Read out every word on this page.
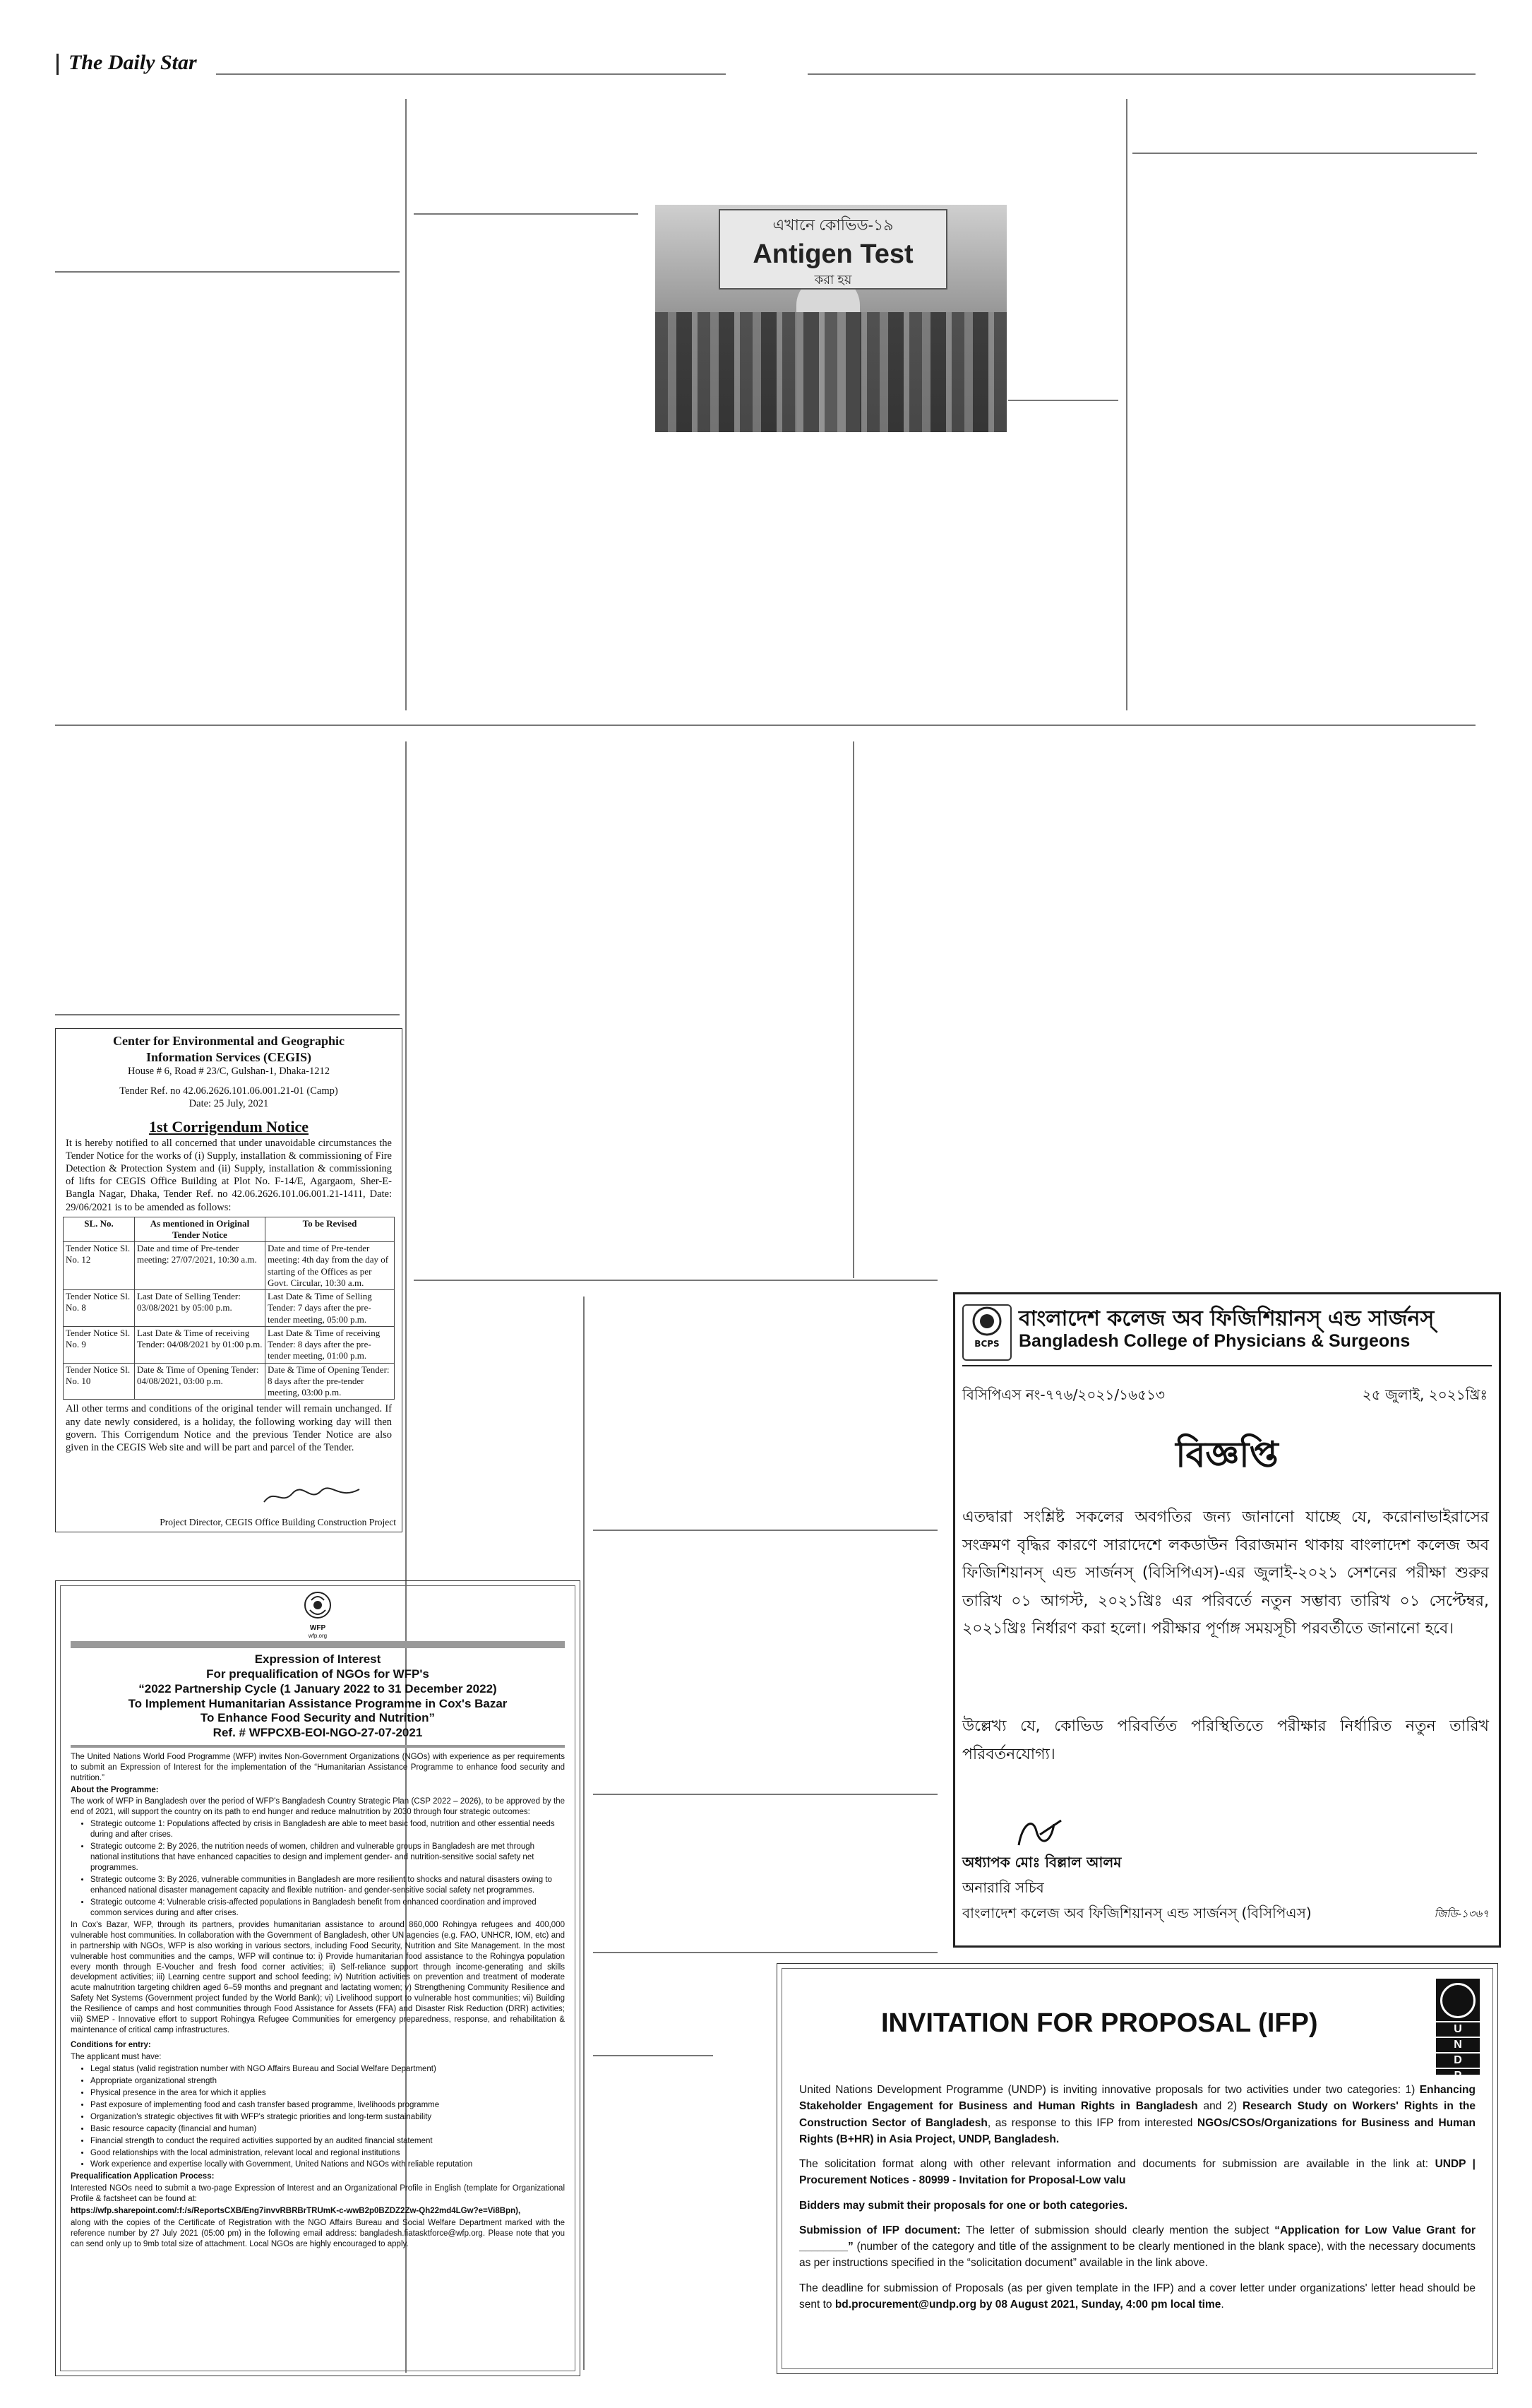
The Daily Star
এখানে কোভিড-১৯
Antigen Test
করা হয়
Center for Environmental and Geographic
Information Services (CEGIS)
House # 6, Road # 23/C, Gulshan-1, Dhaka-1212
Tender Ref. no 42.06.2626.101.06.001.21-01 (Camp)
Date: 25 July, 2021
1st Corrigendum Notice
It is hereby notified to all concerned that under unavoidable circumstances the Tender Notice for the works of (i) Supply, installation & commissioning of Fire Detection & Protection System and (ii) Supply, installation & commissioning of lifts for CEGIS Office Building at Plot No. F-14/E, Agargaom, Sher-E-Bangla Nagar, Dhaka, Tender Ref. no 42.06.2626.101.06.001.21-1411, Date: 29/06/2021 is to be amended as follows:
SL. No.	As mentioned in Original Tender Notice	To be Revised
Tender Notice Sl. No. 12	Date and time of Pre-tender meeting: 27/07/2021, 10:30 a.m.	Date and time of Pre-tender meeting: 4th day from the day of starting of the Offices as per Govt. Circular, 10:30 a.m.
Tender Notice Sl. No. 8	Last Date of Selling Tender: 03/08/2021 by 05:00 p.m.	Last Date & Time of Selling Tender: 7 days after the pre-tender meeting, 05:00 p.m.
Tender Notice Sl. No. 9	Last Date & Time of receiving Tender: 04/08/2021 by 01:00 p.m.	Last Date & Time of receiving Tender: 8 days after the pre-tender meeting, 01:00 p.m.
Tender Notice Sl. No. 10	Date & Time of Opening Tender: 04/08/2021, 03:00 p.m.	Date & Time of Opening Tender: 8 days after the pre-tender meeting, 03:00 p.m.
All other terms and conditions of the original tender will remain unchanged. If any date newly considered, is a holiday, the following working day will then govern. This Corrigendum Notice and the previous Tender Notice are also given in the CEGIS Web site and will be part and parcel of the Tender.
Project Director, CEGIS Office Building Construction Project
WFP
wfp.org
Expression of Interest
For prequalification of NGOs for WFP's
“2022 Partnership Cycle (1 January 2022 to 31 December 2022)
To Implement Humanitarian Assistance Programme in Cox's Bazar
To Enhance Food Security and Nutrition”
Ref. # WFPCXB-EOI-NGO-27-07-2021

The United Nations World Food Programme (WFP) invites Non-Government Organizations (NGOs) with experience as per requirements to submit an Expression of Interest for the implementation of the “Humanitarian Assistance Programme to enhance food security and nutrition.”

About the Programme:

The work of WFP in Bangladesh over the period of WFP's Bangladesh Country Strategic Plan (CSP 2022 – 2026), to be approved by the end of 2021, will support the country on its path to end hunger and reduce malnutrition by 2030 through four strategic outcomes:

• Strategic outcome 1: Populations affected by crisis in Bangladesh are able to meet basic food, nutrition and other essential needs during and after crises.
• Strategic outcome 2: By 2026, the nutrition needs of women, children and vulnerable groups in Bangladesh are met through national institutions that have enhanced capacities to design and implement gender- and nutrition-sensitive social safety net programmes.
• Strategic outcome 3: By 2026, vulnerable communities in Bangladesh are more resilient to shocks and natural disasters owing to enhanced national disaster management capacity and flexible nutrition- and gender-sensitive social safety net programmes.
• Strategic outcome 4: Vulnerable crisis-affected populations in Bangladesh benefit from enhanced coordination and improved common services during and after crises.

In Cox's Bazar, WFP, through its partners, provides humanitarian assistance to around 860,000 Rohingya refugees and 400,000 vulnerable host communities. In collaboration with the Government of Bangladesh, other UN agencies (e.g. FAO, UNHCR, IOM, etc) and in partnership with NGOs, WFP is also working in various sectors, including Food Security, Nutrition and Site Management. In the most vulnerable host communities and the camps, WFP will continue to: i) Provide humanitarian food assistance to the Rohingya population every month through E-Voucher and fresh food corner activities; ii) Self-reliance support through income-generating and skills development activities; iii) Learning centre support and school feeding; iv) Nutrition activities on prevention and treatment of moderate acute malnutrition targeting children aged 6–59 months and pregnant and lactating women; v) Strengthening Community Resilience and Safety Net Systems (Government project funded by the World Bank); vi) Livelihood support to vulnerable host communities; vii) Building the Resilience of camps and host communities through Food Assistance for Assets (FFA) and Disaster Risk Reduction (DRR) activities; viii) SMEP - Innovative effort to support Rohingya Refugee Communities for emergency preparedness, response, and rehabilitation & maintenance of critical camp infrastructures.

Conditions for entry:

The applicant must have:

• Legal status (valid registration number with NGO Affairs Bureau and Social Welfare Department)
• Appropriate organizational strength
• Physical presence in the area for which it applies
• Past exposure of implementing food and cash transfer based programme, livelihoods programme
• Organization's strategic objectives fit with WFP's strategic priorities and long-term sustainability
• Basic resource capacity (financial and human)
• Financial strength to conduct the required activities supported by an audited financial statement
• Good relationships with the local administration, relevant local and regional institutions
• Work experience and expertise locally with Government, United Nations and NGOs with reliable reputation

Prequalification Application Process:

Interested NGOs need to submit a two-page Expression of Interest and an Organizational Profile in English (template for Organizational Profile & factsheet can be found at:

https://wfp.sharepoint.com/:f:/s/ReportsCXB/Eng7invvRBRBrTRUmK-c-wwB2p0BZDZ2Zw-Qh22md4LGw?e=Vi8Bpn),

along with the copies of the Certificate of Registration with the NGO Affairs Bureau and Social Welfare Department marked with the reference number by 27 July 2021 (05:00 pm) in the following email address: bangladesh.fiatasktforce@wfp.org. Please note that you can send only up to 9mb total size of attachment. Local NGOs are highly encouraged to apply.

BCPS
বাংলাদেশ কলেজ অব ফিজিশিয়ানস্ এন্ড সার্জনস্
Bangladesh College of Physicians & Surgeons
বিসিপিএস নং-৭৭৬/২০২১/১৬৫১৩	২৫ জুলাই, ২০২১খ্রিঃ
বিজ্ঞপ্তি
এতদ্বারা সংশ্লিষ্ট সকলের অবগতির জন্য জানানো যাচ্ছে যে, করোনাভাইরাসের সংক্রমণ বৃদ্ধির কারণে সারাদেশে লকডাউন বিরাজমান থাকায় বাংলাদেশ কলেজ অব ফিজিশিয়ানস্ এন্ড সার্জনস্ (বিসিপিএস)-এর জুলাই-২০২১ সেশনের পরীক্ষা শুরুর তারিখ ০১ আগস্ট, ২০২১খ্রিঃ এর পরিবর্তে নতুন সম্ভাব্য তারিখ ০১ সেপ্টেম্বর, ২০২১খ্রিঃ নির্ধারণ করা হলো। পরীক্ষার পূর্ণাঙ্গ সময়সূচী পরবর্তীতে জানানো হবে।
উল্লেখ্য যে, কোভিড পরিবর্তিত পরিস্থিতিতে পরীক্ষার নির্ধারিত নতুন তারিখ পরিবর্তনযোগ্য।
অধ্যাপক মোঃ বিল্লাল আলম
অনারারি সচিব
বাংলাদেশ কলেজ অব ফিজিশিয়ানস্ এন্ড সার্জনস্ (বিসিপিএস)	জিডি-১৩৬৭
INVITATION FOR PROPOSAL (IFP)	U
N
D
P

United Nations Development Programme (UNDP) is inviting innovative proposals for two activities under two categories: 1) Enhancing Stakeholder Engagement for Business and Human Rights in Bangladesh and 2) Research Study on Workers' Rights in the Construction Sector of Bangladesh, as response to this IFP from interested NGOs/CSOs/Organizations for Business and Human Rights (B+HR) in Asia Project, UNDP, Bangladesh.

The solicitation format along with other relevant information and documents for submission are available in the link at: UNDP | Procurement Notices - 80999 - Invitation for Proposal-Low valu

Bidders may submit their proposals for one or both categories.

Submission of IFP document: The letter of submission should clearly mention the subject “Application for Low Value Grant for ________” (number of the category and title of the assignment to be clearly mentioned in the blank space), with the necessary documents as per instructions specified in the “solicitation document” available in the link above.

The deadline for submission of Proposals (as per given template in the IFP) and a cover letter under organizations' letter head should be sent to bd.procurement@undp.org by 08 August 2021, Sunday, 4:00 pm local time.
